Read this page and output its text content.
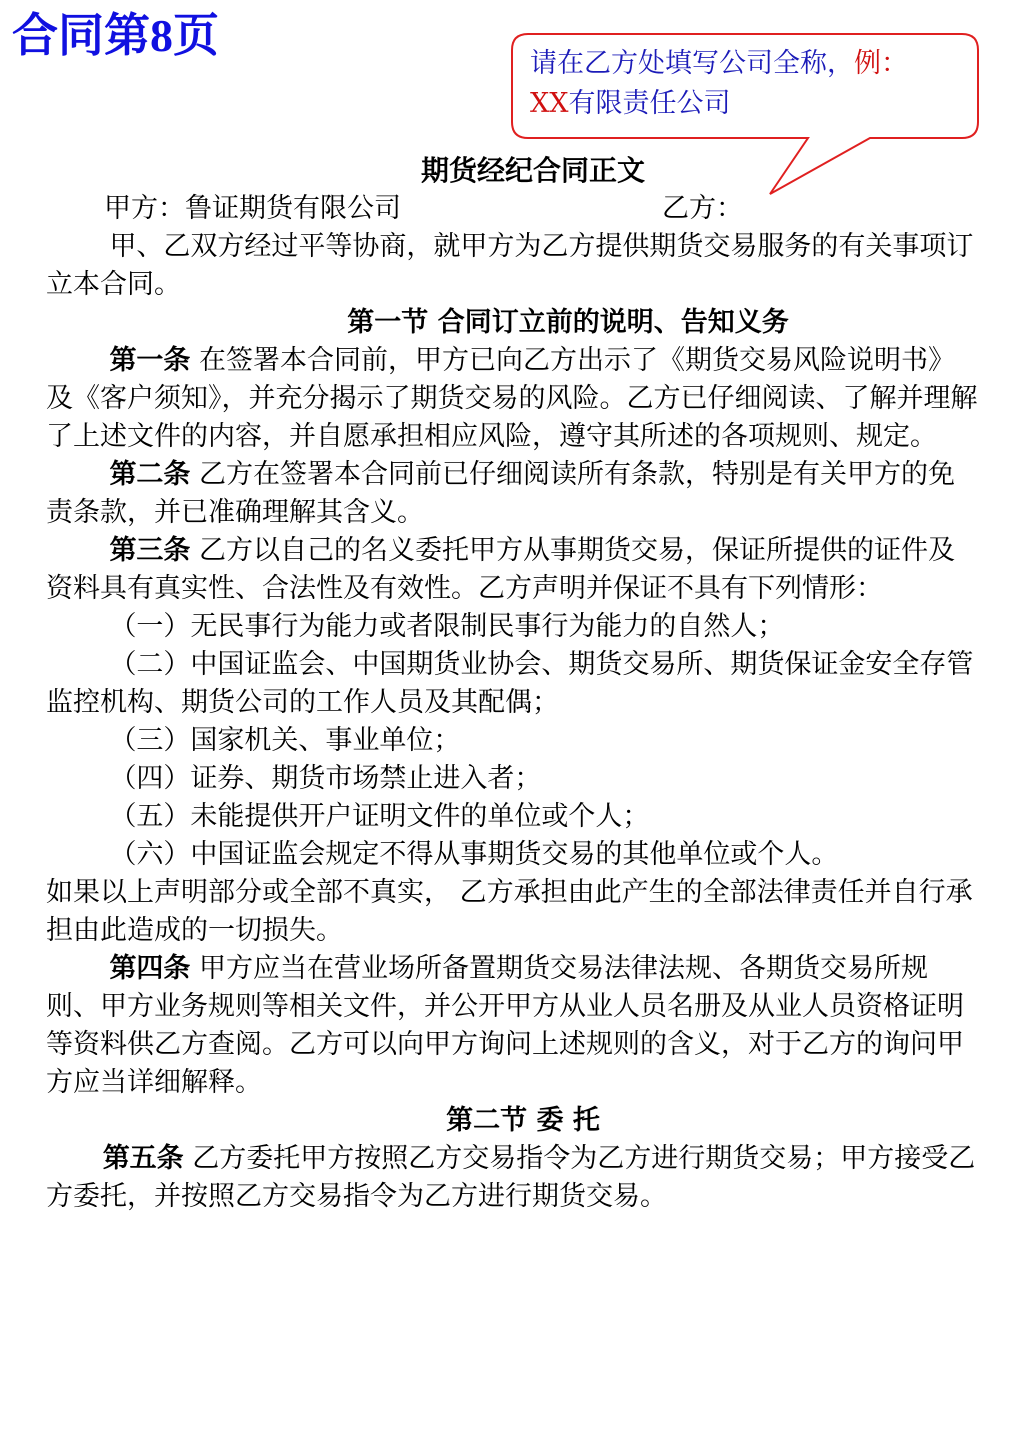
合同第8页
请在乙方处填写公司全称，例：
XX有限责任公司

期货经纪合同正文

甲方：鲁证期货有限公司	乙方：

甲、乙双方经过平等协商，就甲方为乙方提供期货交易服务的有关事项订立本合同。

第一节 合同订立前的说明、告知义务

第一条 在签署本合同前，甲方已向乙方出示了《期货交易风险说明书》及《客户须知》，并充分揭示了期货交易的风险。乙方已仔细阅读、了解并理解了上述文件的内容，并自愿承担相应风险，遵守其所述的各项规则、规定。

第二条 乙方在签署本合同前已仔细阅读所有条款，特别是有关甲方的免责条款，并已准确理解其含义。

第三条 乙方以自己的名义委托甲方从事期货交易，保证所提供的证件及资料具有真实性、合法性及有效性。乙方声明并保证不具有下列情形：

（一）无民事行为能力或者限制民事行为能力的自然人；

（二）中国证监会、中国期货业协会、期货交易所、期货保证金安全存管监控机构、期货公司的工作人员及其配偶；

（三）国家机关、事业单位；

（四）证券、期货市场禁止进入者；

（五）未能提供开户证明文件的单位或个人；

（六）中国证监会规定不得从事期货交易的其他单位或个人。

如果以上声明部分或全部不真实， 乙方承担由此产生的全部法律责任并自行承担由此造成的一切损失。

第四条 甲方应当在营业场所备置期货交易法律法规、各期货交易所规则、甲方业务规则等相关文件，并公开甲方从业人员名册及从业人员资格证明等资料供乙方查阅。乙方可以向甲方询问上述规则的含义，对于乙方的询问甲方应当详细解释。

第二节 委 托

第五条 乙方委托甲方按照乙方交易指令为乙方进行期货交易；甲方接受乙方委托，并按照乙方交易指令为乙方进行期货交易。
